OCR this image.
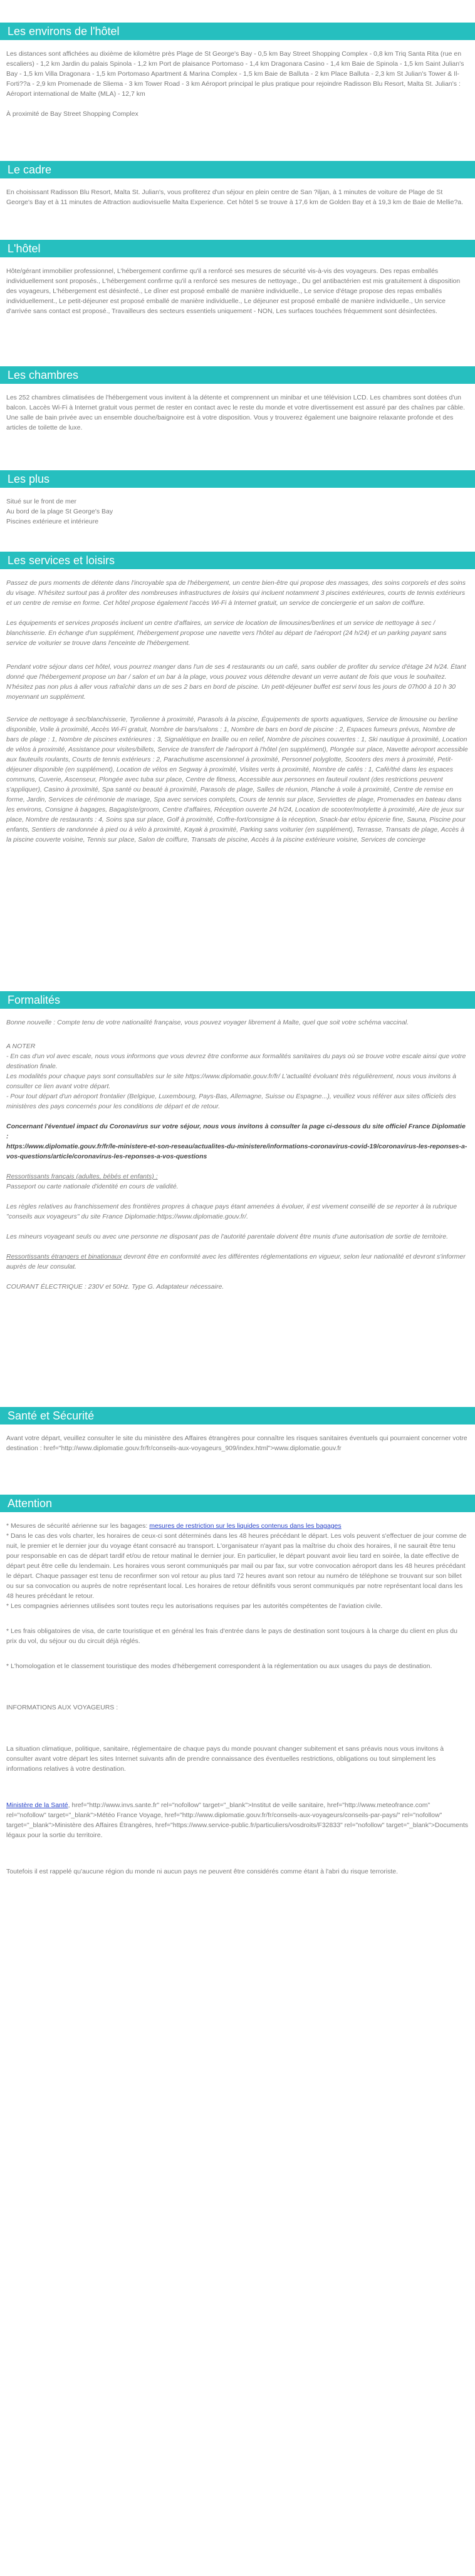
Les environs de l'hôtel

Les distances sont affichées au dixième de kilomètre près Plage de St George's Bay - 0,5 km Bay Street Shopping Complex - 0,8 km Triq Santa Rita (rue en escaliers) - 1,2 km Jardin du palais Spinola - 1,2 km Port de plaisance Portomaso - 1,4 km Dragonara Casino - 1,4 km Baie de Spinola - 1,5 km Saint Julian's Bay - 1,5 km Villa Dragonara - 1,5 km Portomaso Apartment & Marina Complex - 1,5 km Baie de Balluta - 2 km Place Balluta - 2,3 km St Julian's Tower & Il-Forti??a - 2,9 km Promenade de Sliema - 3 km Tower Road - 3 km Aéroport principal le plus pratique pour rejoindre Radisson Blu Resort, Malta St. Julian's : Aéroport international de Malte (MLA) - 12,7 km

À proximité de Bay Street Shopping Complex

Le cadre

En choisissant Radisson Blu Resort, Malta St. Julian's, vous profiterez d'un séjour en plein centre de San ?iljan, à 1 minutes de voiture de Plage de St George's Bay et à 11 minutes de Attraction audiovisuelle Malta Experience. Cet hôtel 5 se trouve à 17,6 km de Golden Bay et à 19,3 km de Baie de Mellie?a.

L'hôtel

Hôte/gérant immobilier professionnel, L'hébergement confirme qu'il a renforcé ses mesures de sécurité vis-à-vis des voyageurs. Des repas emballés individuellement sont proposés., L'hébergement confirme qu'il a renforcé ses mesures de nettoyage., Du gel antibactérien est mis gratuitement à disposition des voyageurs, L'hébergement est désinfecté., Le dîner est proposé emballé de manière individuelle., Le service d'étage propose des repas emballés individuellement., Le petit-déjeuner est proposé emballé de manière individuelle., Le déjeuner est proposé emballé de manière individuelle., Un service d'arrivée sans contact est proposé., Travailleurs des secteurs essentiels uniquement - NON, Les surfaces touchées fréquemment sont désinfectées.

Les chambres

Les 252 chambres climatisées de l'hébergement vous invitent à la détente et comprennent un minibar et une télévision LCD. Les chambres sont dotées d'un balcon. Laccès Wi-Fi à Internet gratuit vous permet de rester en contact avec le reste du monde et votre divertissement est assuré par des chaînes par câble. Une salle de bain privée avec un ensemble douche/baignoire est à votre disposition. Vous y trouverez également une baignoire relaxante profonde et des articles de toilette de luxe.

Les plus

Situé sur le front de mer

Au bord de la plage St George's Bay

Piscines extérieure et intérieure

Les services et loisirs

Passez de purs moments de détente dans l'incroyable spa de l'hébergement, un centre bien-être qui propose des massages, des soins corporels et des soins du visage. N'hésitez surtout pas à profiter des nombreuses infrastructures de loisirs qui incluent notamment 3 piscines extérieures, courts de tennis extérieurs et un centre de remise en forme. Cet hôtel propose également l'accès Wi-Fi à Internet gratuit, un service de conciergerie et un salon de coiffure.

Les équipements et services proposés incluent un centre d'affaires, un service de location de limousines/berlines et un service de nettoyage à sec / blanchisserie. En échange d'un supplément, l'hébergement propose une navette vers l'hôtel au départ de l'aéroport (24 h/24) et un parking payant sans service de voiturier se trouve dans l'enceinte de l'hébergement.

Pendant votre séjour dans cet hôtel, vous pourrez manger dans l'un de ses 4 restaurants ou un café, sans oublier de profiter du service d'étage 24 h/24. Étant donné que l'hébergement propose un bar / salon et un bar à la plage, vous pouvez vous détendre devant un verre autant de fois que vous le souhaitez. N'hésitez pas non plus à aller vous rafraîchir dans un de ses 2 bars en bord de piscine. Un petit-déjeuner buffet est servi tous les jours de 07h00 à 10 h 30 moyennant un supplément.

Service de nettoyage à sec/blanchisserie, Tyrolienne à proximité, Parasols à la piscine, Équipements de sports aquatiques, Service de limousine ou berline disponible, Voile à proximité, Accès Wi-Fi gratuit, Nombre de bars/salons : 1, Nombre de bars en bord de piscine : 2, Espaces fumeurs prévus, Nombre de bars de plage : 1, Nombre de piscines extérieures : 3, Signalétique en braille ou en relief, Nombre de piscines couvertes : 1, Ski nautique à proximité, Location de vélos à proximité, Assistance pour visites/billets, Service de transfert de l'aéroport à l'hôtel (en supplément), Plongée sur place, Navette aéroport accessible aux fauteuils roulants, Courts de tennis extérieurs : 2, Parachutisme ascensionnel à proximité, Personnel polyglotte, Scooters des mers à proximité, Petit-déjeuner disponible (en supplément), Location de vélos en Segway à proximité, Visites verts à proximité, Nombre de cafés : 1, Café/thé dans les espaces communs, Cuverie, Ascenseur, Plongée avec tuba sur place, Centre de fitness, Accessible aux personnes en fauteuil roulant (des restrictions peuvent s'appliquer), Casino à proximité, Spa santé ou beauté à proximité, Parasols de plage, Salles de réunion, Planche à voile à proximité, Centre de remise en forme, Jardin, Services de cérémonie de mariage, Spa avec services complets, Cours de tennis sur place, Serviettes de plage, Promenades en bateau dans les environs, Consigne à bagages, Bagagiste/groom, Centre d'affaires, Réception ouverte 24 h/24, Location de scooter/motylette à proximité, Aire de jeux sur place, Nombre de restaurants : 4, Soins spa sur place, Golf à proximité, Coffre-fort/consigne à la réception, Snack-bar et/ou épicerie fine, Sauna, Piscine pour enfants, Sentiers de randonnée à pied ou à vélo à proximité, Kayak à proximité, Parking sans voiturier (en supplément), Terrasse, Transats de plage, Accès à la piscine couverte voisine, Tennis sur place, Salon de coiffure, Transats de piscine, Accès à la piscine extérieure voisine, Services de concierge

Formalités

Bonne nouvelle : Compte tenu de votre nationalité française, vous pouvez voyager librement à Malte, quel que soit votre schéma vaccinal.

A NOTER

- En cas d'un vol avec escale, nous vous informons que vous devrez être conforme aux formalités sanitaires du pays où se trouve votre escale ainsi que votre destination finale.

Les modalités pour chaque pays sont consultables sur le site https://www.diplomatie.gouv.fr/fr/ L'actualité évoluant très régulièrement, nous vous invitons à consulter ce lien avant votre départ.

- Pour tout départ d'un aéroport frontalier (Belgique, Luxembourg, Pays-Bas, Allemagne, Suisse ou Espagne...), veuillez vous référer aux sites officiels des ministères des pays concernés pour les conditions de départ et de retour.

Concernant l'éventuel impact du Coronavirus sur votre séjour, nous vous invitons à consulter la page ci-dessous du site officiel France Diplomatie :
https://www.diplomatie.gouv.fr/fr/le-ministere-et-son-reseau/actualites-du-ministere/informations-coronavirus-covid-19/coronavirus-les-reponses-a-vos-questions/article/coronavirus-les-reponses-a-vos-questions

Ressortissants français (adultes, bébés et enfants) :
Passeport ou carte nationale d'identité en cours de validité.

Les règles relatives au franchissement des frontières propres à chaque pays étant amenées à évoluer, il est vivement conseillé de se reporter à la rubrique "conseils aux voyageurs" du site France Diplomatie:https://www.diplomatie.gouv.fr/.

Les mineurs voyageant seuls ou avec une personne ne disposant pas de l'autorité parentale doivent être munis d'une autorisation de sortie de territoire.

Ressortissants étrangers et binationaux devront être en conformité avec les différentes réglementations en vigueur, selon leur nationalité et devront s'informer auprès de leur consulat.

COURANT ÉLECTRIQUE : 230V et 50Hz. Type G. Adaptateur nécessaire.

Santé et Sécurité

Avant votre départ, veuillez consulter le site du ministère des Affaires étrangères pour connaître les risques sanitaires éventuels qui pourraient concerner votre destination : href="http://www.diplomatie.gouv.fr/fr/conseils-aux-voyageurs_909/index.html">www.diplomatie.gouv.fr

Attention

* Mesures de sécurité aérienne sur les bagages: mesures de restriction sur les liquides contenus dans les bagages

* Dans le cas des vols charter, les horaires de ceux-ci sont déterminés dans les 48 heures précédant le départ. Les vols peuvent s'effectuer de jour comme de nuit, le premier et le dernier jour du voyage étant consacré au transport. L'organisateur n'ayant pas la maîtrise du choix des horaires, il ne saurait être tenu pour responsable en cas de départ tardif et/ou de retour matinal le dernier jour. En particulier, le départ pouvant avoir lieu tard en soirée, la date effective de départ peut être celle du lendemain. Les horaires vous seront communiqués par mail ou par fax, sur votre convocation aéroport dans les 48 heures précédant le départ. Chaque passager est tenu de reconfirmer son vol retour au plus tard 72 heures avant son retour au numéro de téléphone se trouvant sur son billet ou sur sa convocation ou auprès de notre représentant local. Les horaires de retour définitifs vous seront communiqués par notre représentant local dans les 48 heures précédant le retour.

* Les compagnies aériennes utilisées sont toutes reçu les autorisations requises par les autorités compétentes de l'aviation civile.

* Les frais obligatoires de visa, de carte touristique et en général les frais d'entrée dans le pays de destination sont toujours à la charge du client en plus du prix du vol, du séjour ou du circuit déjà réglés.

* L'homologation et le classement touristique des modes d'hébergement correspondent à la réglementation ou aux usages du pays de destination.

INFORMATIONS AUX VOYAGEURS :

La situation climatique, politique, sanitaire, réglementaire de chaque pays du monde pouvant changer subitement et sans préavis nous vous invitons à consulter avant votre départ les sites Internet suivants afin de prendre connaissance des éventuelles restrictions, obligations ou tout simplement les informations relatives à votre destination.

Ministère de la Santé, href="http://www.invs.sante.fr" rel="nofollow" target="_blank">Institut de veille sanitaire, href="http://www.meteofrance.com" rel="nofollow" target="_blank">Météo France Voyage, href="http://www.diplomatie.gouv.fr/fr/conseils-aux-voyageurs/conseils-par-pays/" rel="nofollow" target="_blank">Ministère des Affaires Étrangères, href="https://www.service-public.fr/particuliers/vosdroits/F32833" rel="nofollow" target="_blank">Documents légaux pour la sortie du territoire.

Toutefois il est rappelé qu'aucune région du monde ni aucun pays ne peuvent être considérés comme étant à l'abri du risque terroriste.
